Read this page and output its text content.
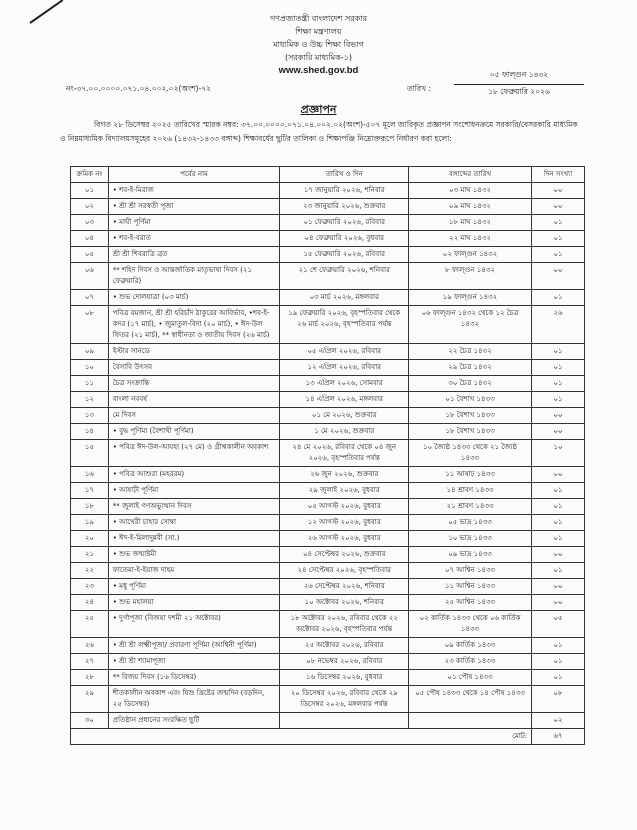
গণপ্রজাতন্ত্রী বাংলাদেশ সরকার
শিক্ষা মন্ত্রণালয়
মাধ্যমিক ও উচ্চ শিক্ষা বিভাগ
(সরকারি মাধ্যমিক-১)
www.shed.gov.bd
নং-৩৭.০০.০০০০.০৭১.০৪.০০২.০২(অংশ)-৭২	তারিখ :
০৫ ফাল্গুন ১৪৩২
১৮ ফেব্রুয়ারি ২০২৬
প্রজ্ঞাপন
বিগত ২৮ ডিসেম্বর ২০২৫ তারিখের স্মারক নম্বর: ৩৭.০০.০০০০.০৭১.০৪.০০২.০২(অংশ)-৫০৭ মূলে জারিকৃত প্রজ্ঞাপন সংশোধনক্রমে সরকারি/বেসরকারি মাধ্যমিক ও নিম্নমাধ্যমিক বিদ্যালয়সমূহের ২০২৬ (১৪৩২-১৪৩৩ বঙ্গাব্দ) শিক্ষাবর্ষের ছুটির তালিকা ও শিক্ষাপঞ্জি নিম্নোক্তরূপে নির্ধারণ করা হলো:
ক্রমিক নং	পর্বের নাম	তারিখ ও দিন	বঙ্গাব্দের তারিখ	দিন সংখ্যা
০১	• শব-ই-মিরাজ	১৭ জানুয়ারি ২০২৬, শনিবার	০৩ মাঘ ১৪৩২	০০
০২	• শ্রী শ্রী সরস্বতী পূজা	২৩ জানুয়ারি ২০২৬, শুক্রবার	০৯ মাঘ ১৪৩২	০০
০৩	• মাঘী পূর্ণিমা	০১ ফেব্রুয়ারি ২০২৬, রবিবার	১৮ মাঘ ১৪৩২	০১
০৪	• শব-ই-বরাত	০৪ ফেব্রুয়ারি ২০২৬, বুধবার	২২ মাঘ ১৪৩২	০১
০৫	শ্রী শ্রী শিবরাত্রি ব্রত	১৫ ফেব্রুয়ারি ২০২৬, রবিবার	০২ ফাল্গুন ১৪৩২	০১
০৬	** শহিদ দিবস ও আন্তর্জাতিক মাতৃভাষা দিবস (২১ ফেব্রুয়ারি)	২১ শে ফেব্রুয়ারি ২০২৬, শনিবার	৮ ফাল্গুন ১৪৩২	০০
০৭	• শুভ দোলযাত্রা (০৩ মার্চ)	০৩ মার্চ ২০২৬, মঙ্গলবার	১৯ ফাল্গুন ১৪৩২	০১
০৮	পবিত্র রমজান, শ্রী শ্রী হরিচাঁদ ঠাকুরের আবির্ভাব, •শব-ই-কদর (১৭ মার্চ), • জুমাতুল-বিদা (২০ মার্চ), • ঈদ-উল ফিতর (২১ মার্চ), ** স্বাধীনতা ও জাতীয় দিবস (২৬ মার্চ)	১৯ ফেব্রুয়ারি ২০২৬, বৃহস্পতিবার থেকে ২৬ মার্চ ২০২৬, বৃহস্পতিবার পর্যন্ত	০৬ ফাল্গুন ১৪৩২ থেকে ১২ চৈত্র ১৪৩২	২৬
০৯	ইস্টার সানডে	০৫ এপ্রিল ২০২৬, রবিবার	২২ চৈত্র ১৪৩২	০১
১০	বৈসাবি উৎসব	১২ এপ্রিল ২০২৬, রবিবার	২৯ চৈত্র ১৪৩২	০১
১১	চৈত্র সংক্রান্তি	১৩ এপ্রিল ২০২৬, সোমবার	৩০ চৈত্র ১৪৩২	০১
১২	বাংলা নববর্ষ	১৪ এপ্রিল ২০২৬, মঙ্গলবার	০১ বৈশাখ ১৪৩৩	০১
১৩	মে দিবস	০১ মে ২০২৬, শুক্রবার	১৮ বৈশাখ ১৪৩৩	০০
১৪	• বুদ্ধ পূর্ণিমা (বৈশাখী পূর্ণিমা)	১ মে ২০২৬, শুক্রবার	১৮ বৈশাখ ১৪৩৩	০০
১৫	• পবিত্র ঈদ-উল-আযহা (২৭ মে) ও গ্রীষ্মকালীন অবকাশ	২৪ মে ২০২৬, রবিবার থেকে ০৪ জুন ২০২৬, বৃহস্পতিবার পর্যন্ত	১০ জ্যৈষ্ঠ ১৪৩৩ থেকে ২১ জ্যৈষ্ঠ ১৪৩৩	১০
১৬	• পবিত্র আশুরা (মহররম)	২৬ জুন ২০২৬, শুক্রবার	১১ আষাঢ় ১৪৩৩	০০
১৭	• আষাঢ়ী পূর্ণিমা	২৯ জুলাই ২০২৬, বুধবার	১৪ শ্রাবণ ১৪৩৩	০১
১৮	** জুলাই গণঅভ্যুত্থান দিবস	০৫ আগস্ট ২০২৬, বুধবার	২১ শ্রাবণ ১৪৩৩	০১
১৯	• আখেরী চাহার সোম্বা	১২ আগস্ট ২০২৬, বুধবার	০৫ ভাদ্র ১৪৩৩	০১
২০	• ঈদ-ই-মিলাদুন্নবী (সা.)	২৬ আগস্ট ২০২৬, বুধবার	১০ ভাদ্র ১৪৩৩	০১
২১	• শুভ জন্মাষ্টমী	০৪ সেপ্টেম্বর ২০২৬, শুক্রবার	০৯ ভাদ্র ১৪৩৩	০০
২২	ফাতেমা-ই-ইয়াজ দাহম	২৪ সেপ্টেম্বর ২০২৬, বৃহস্পতিবার	০৭ আশ্বিন ১৪৩৩	০১
২৩	• মধু পূর্ণিমা	২৬ সেপ্টেম্বর ২০২৬, শনিবার	১১ আশ্বিন ১৪৩৩	০০
২৪	• শুভ মহালয়া	১০ অক্টোবর ২০২৬, শনিবার	২৫ আশ্বিন ১৪৩৩	০০
২৫	• দুর্গাপূজা (বিজয়া দশমী ২১ অক্টোবর)	১৮ অক্টোবর ২০২৬, রবিবার থেকে ২২ অক্টোবর ২০২৬, বৃহস্পতিবার পর্যন্ত	০২ কার্তিক ১৪৩৩ থেকে ০৬ কার্তিক ১৪৩৩	০৫
২৬	• শ্রী শ্রী লক্ষ্মীপূজা/ প্রবারণা পূর্ণিমা (আশ্বিনী পূর্ণিমা)	২৫ অক্টোবর ২০২৬, রবিবার	০৯ কার্তিক ১৪৩৩	০১
২৭	• শ্রী শ্রী শ্যামাপূজা	০৮ নভেম্বর ২০২৬, রবিবার	২৩ কার্তিক ১৪৩৩	০১
২৮	** বিজয় দিবস (১৬ ডিসেম্বর)	১৬ ডিসেম্বর ২০২৬, বুধবার	০১ পৌষ ১৪৩৩	০১
২৯	শীতকালীন অবকাশ এবং যিশু খ্রিষ্টের জন্মদিন (বড়দিন, ২৫ ডিসেম্বর)	২০ ডিসেম্বর ২০২৬, রবিবার থেকে ২৯ ডিসেম্বর ২০২৬, মঙ্গলবার পর্যন্ত	০৫ পৌষ ১৪৩৩ থেকে ১৪ পৌষ ১৪৩৩	০৮
৩০	প্রতিষ্ঠান প্রধানের সংরক্ষিত ছুটি			০২
মোট:				৬৭
